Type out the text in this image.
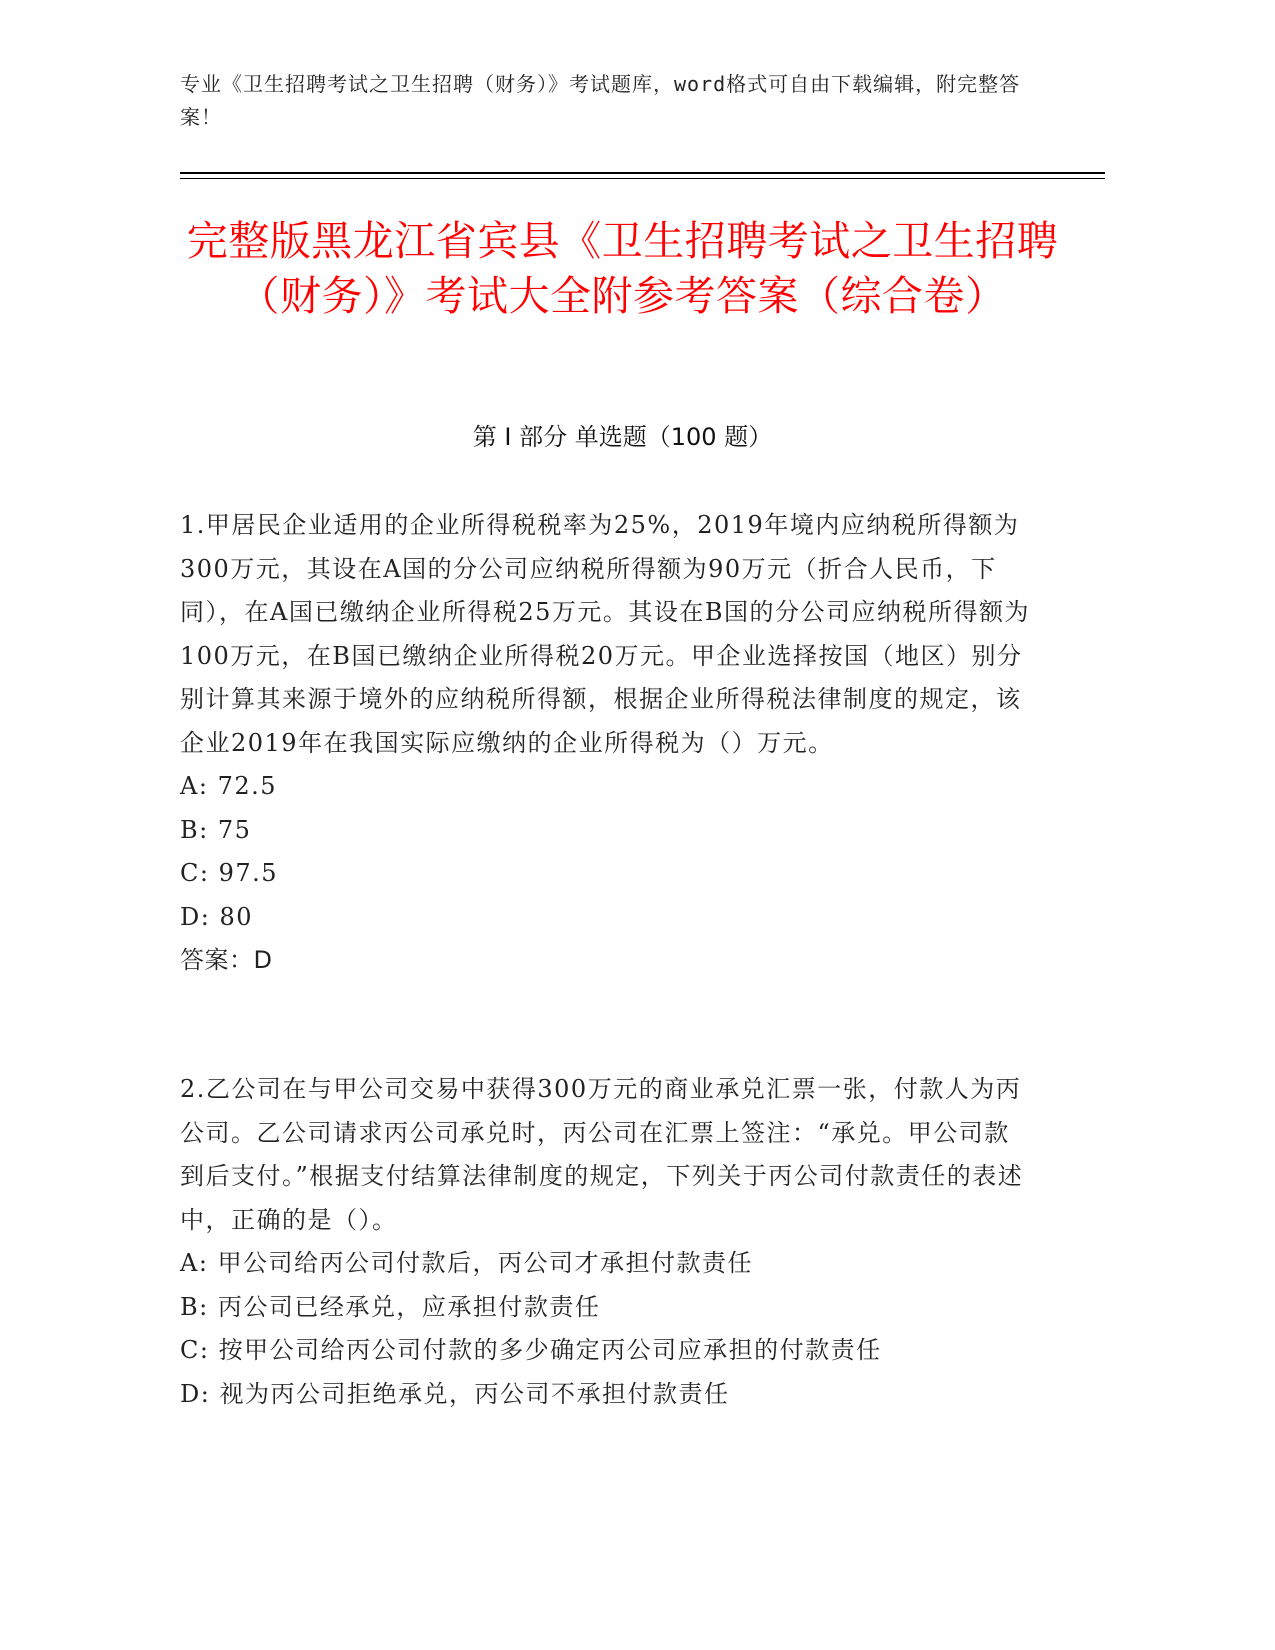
专业《卫生招聘考试之卫生招聘（财务）》考试题库，word格式可自由下载编辑，附完整答案！
完整版黑龙江省宾县《卫生招聘考试之卫生招聘（财务）》考试大全附参考答案（综合卷）
第 I 部分 单选题（100 题）

1.甲居民企业适用的企业所得税税率为25%，2019年境内应纳税所得额为300万元，其设在A国的分公司应纳税所得额为90万元（折合人民币，下同），在A国已缴纳企业所得税25万元。其设在B国的分公司应纳税所得额为100万元，在B国已缴纳企业所得税20万元。甲企业选择按国（地区）别分别计算其来源于境外的应纳税所得额，根据企业所得税法律制度的规定，该企业2019年在我国实际应缴纳的企业所得税为（）万元。

A: 72.5

B: 75

C: 97.5

D: 80

答案：D

2.乙公司在与甲公司交易中获得300万元的商业承兑汇票一张，付款人为丙公司。乙公司请求丙公司承兑时，丙公司在汇票上签注：“承兑。甲公司款到后支付。”根据支付结算法律制度的规定，下列关于丙公司付款责任的表述中，正确的是（）。

A: 甲公司给丙公司付款后，丙公司才承担付款责任

B: 丙公司已经承兑，应承担付款责任

C: 按甲公司给丙公司付款的多少确定丙公司应承担的付款责任

D: 视为丙公司拒绝承兑，丙公司不承担付款责任
